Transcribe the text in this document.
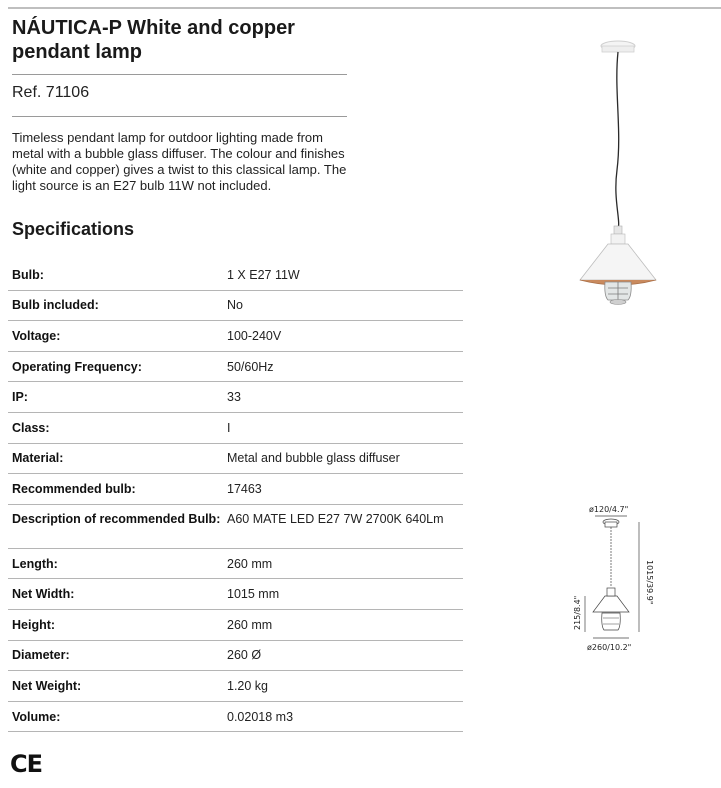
NÁUTICA-P White and copper pendant lamp
Ref. 71106

Timeless pendant lamp for outdoor lighting made from metal with a bubble glass diffuser. The colour and finishes (white and copper) gives a twist to this classical lamp. The light source is an E27 bulb 11W not included.

Specifications
Bulb:	1 X E27 11W
Bulb included:	No
Voltage:	100-240V
Operating Frequency:	50/60Hz
IP:	33
Class:	I
Material:	Metal and bubble glass diffuser
Recommended bulb:	17463
Description of recommended Bulb: A60 MATE LED E27 7W 2700K 640Lm
Length:	260 mm
Net Width:	1015 mm
Height:	260 mm
Diameter:	260 Ø
Net Weight:	1.20 kg
Volume:	0.02018 m3
CE
ø120/4.7"
1015/39.9"
215/8.4"
ø260/10.2"
